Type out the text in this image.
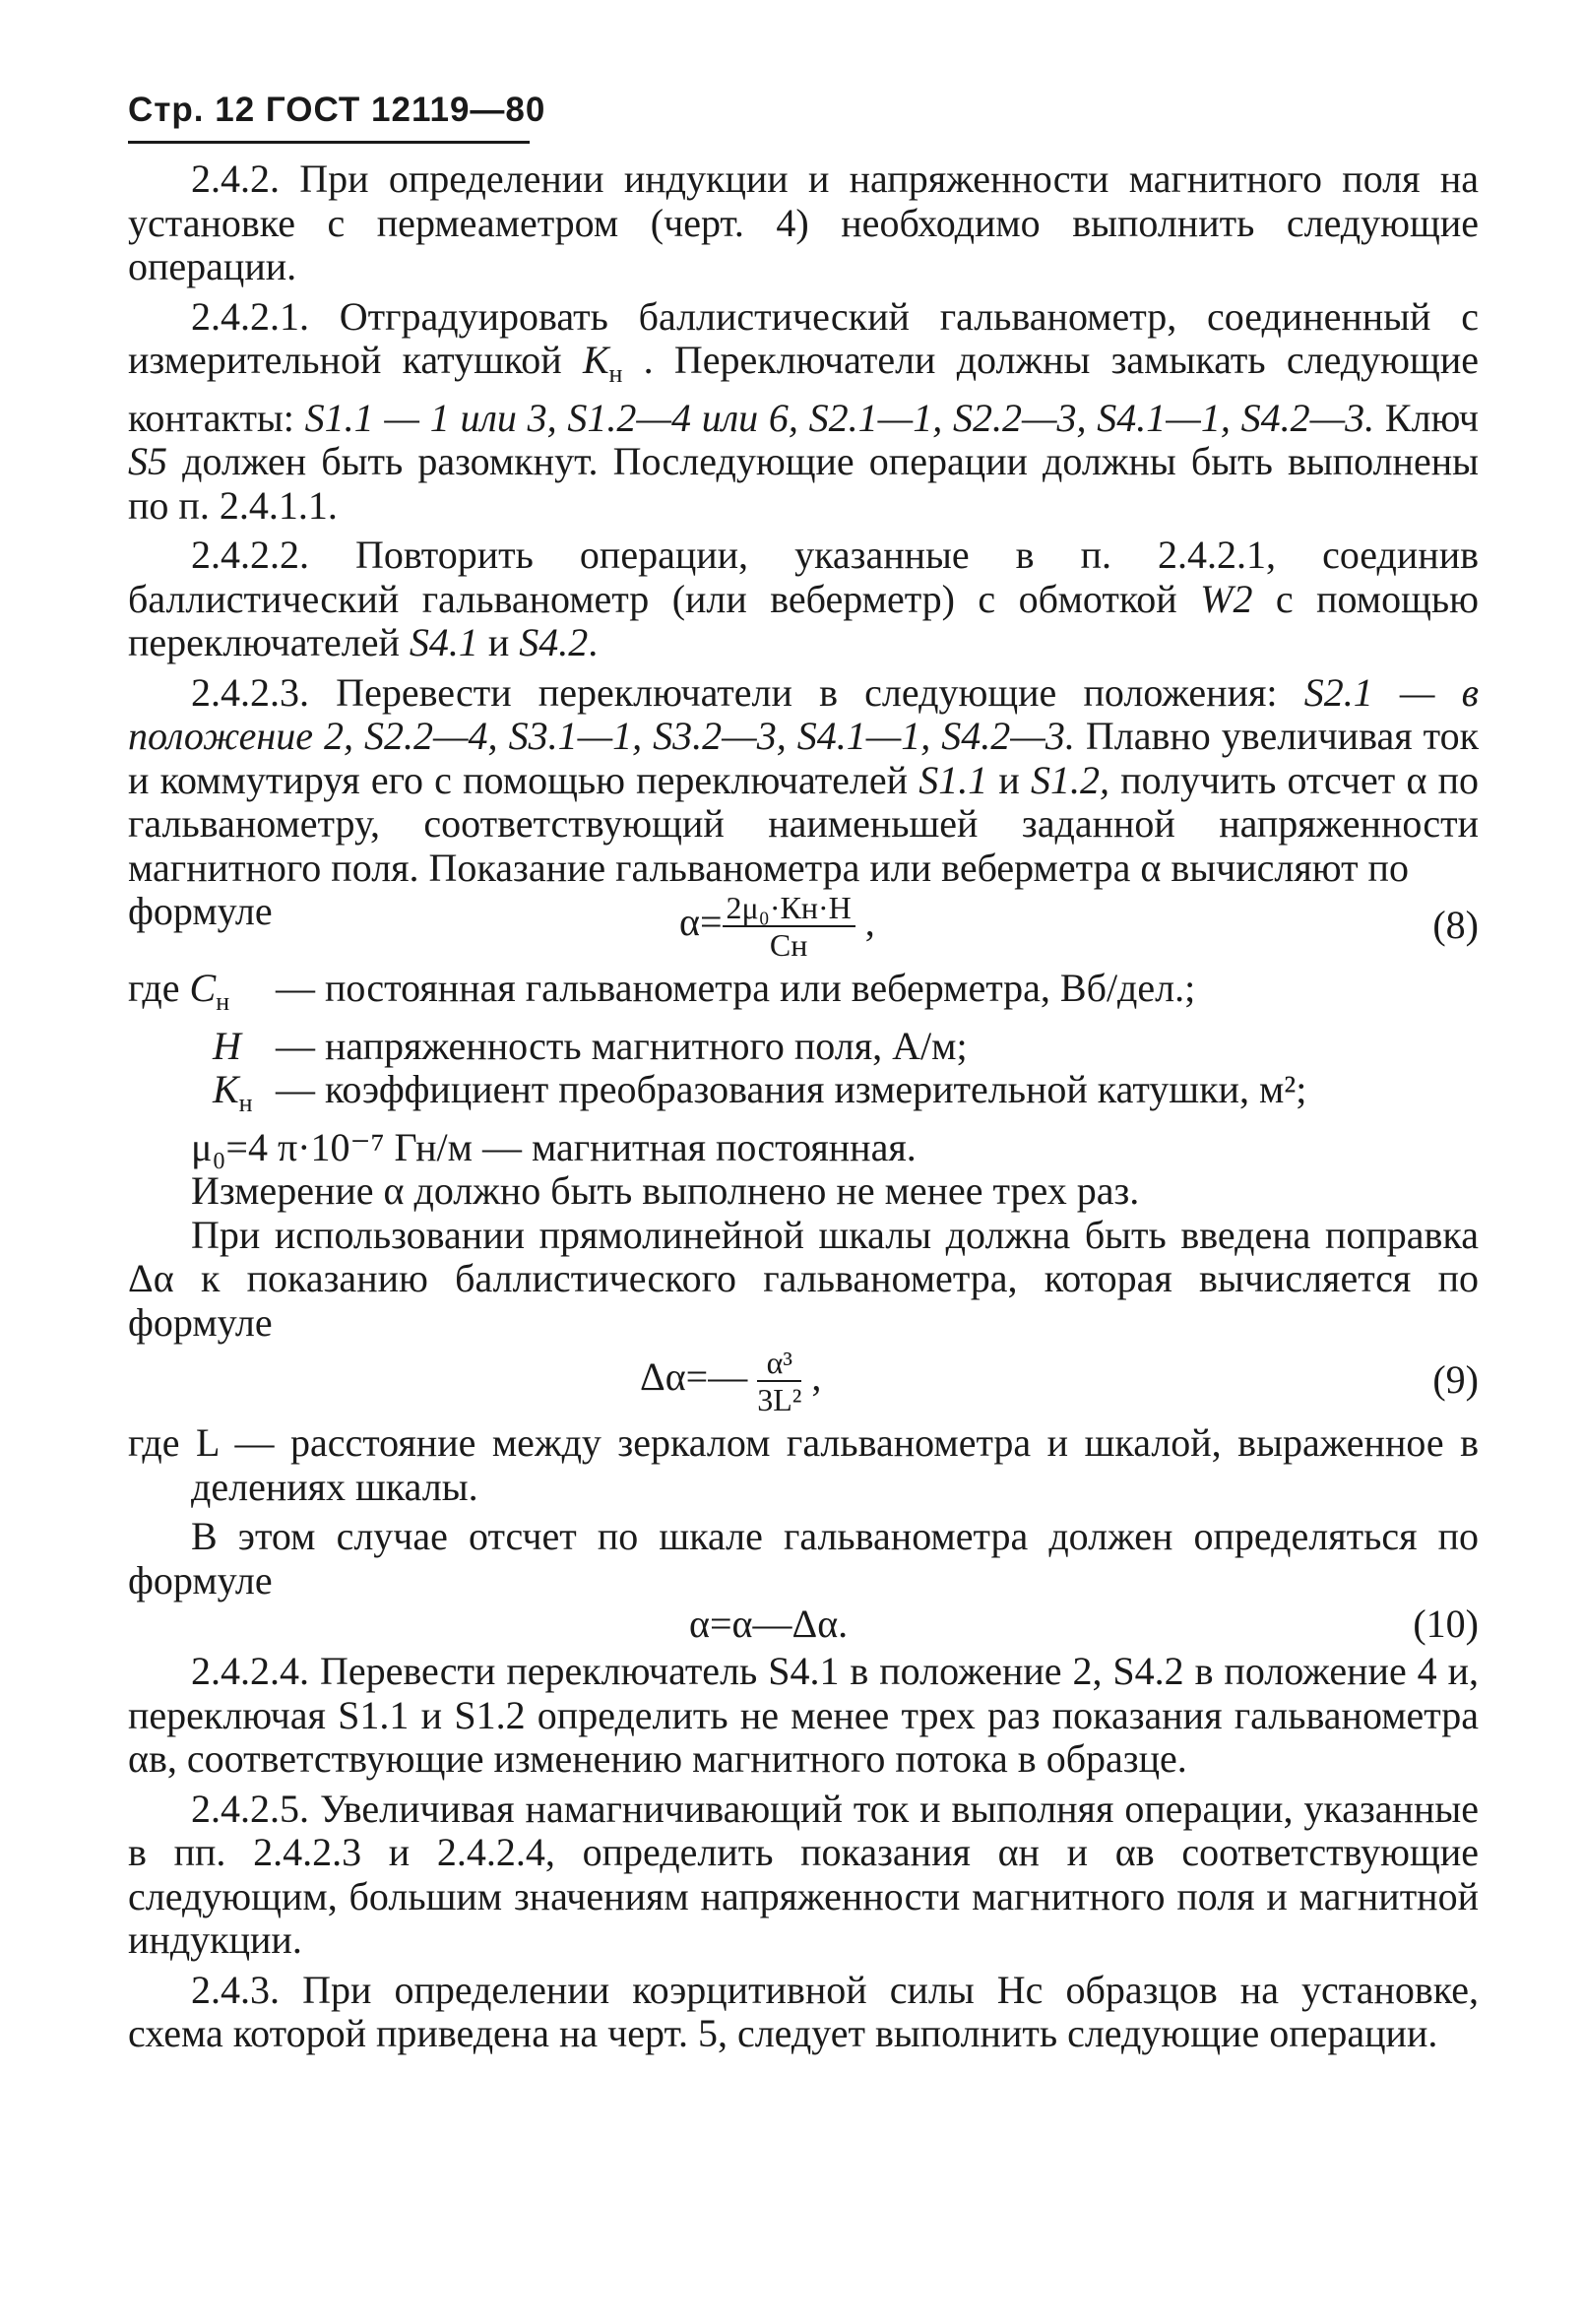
Стр. 12 ГОСТ 12119—80

2.4.2. При определении индукции и напряженности магнитного поля на установке с пермеаметром (черт. 4) необходимо выполнить следующие операции.

2.4.2.1. Отградуировать баллистический гальванометр, соединенный с измерительной катушкой $К_н$ . Переключатели должны замыкать следующие контакты: S1.1 — 1 или 3, S1.2—4 или 6, S2.1—1, S2.2—3, S4.1—1, S4.2—3. Ключ S5 должен быть разомкнут. Последующие операции должны быть выполнены по п. 2.4.1.1.

2.4.2.2. Повторить операции, указанные в п. 2.4.2.1, соединив баллистический гальванометр (или веберметр) с обмоткой W2 с помощью переключателей S4.1 и S4.2.

2.4.2.3. Перевести переключатели в следующие положения: S2.1 — в положение 2, S2.2—4, S3.1—1, S3.2—3, S4.1—1, S4.2—3. Плавно увеличивая ток и коммутируя его с помощью переключателей S1.1 и S1.2, получить отсчет α по гальванометру, соответствующий наименьшей заданной напряженности магнитного поля. Показание гальванометра или веберметра α вычисляют по

формуле	$\alpha= \frac{\text{2μ₀·Кн·H}}{Сн}$ ,	(8)
где $С_н$	— постоянная гальванометра или веберметра, Вб/дел.;
H — напряженность магнитного поля, А/м;
$К_н$ — коэффициент преобразования измерительной катушки, м²;

μ₀=4 π·10⁻⁷ Гн/м — магнитная постоянная.

Измерение α должно быть выполнено не менее трех раз.

При использовании прямолинейной шкалы должна быть введена поправка Δα к показанию баллистического гальванометра, которая вычисляется по формуле

Δα=— $\frac{\text{α³}}{\text{3L²}}$ ,	(9)

где L — расстояние между зеркалом гальванометра и шкалой, выраженное в делениях шкалы.

В этом случае отсчет по шкале гальванометра должен определяться по формуле

α=α—Δα.	(10)

2.4.2.4. Перевести переключатель S4.1 в положение 2, S4.2 в положение 4 и, переключая S1.1 и S1.2 определить не менее трех раз показания гальванометра αв, соответствующие изменению магнитного потока в образце.

2.4.2.5. Увеличивая намагничивающий ток и выполняя операции, указанные в пп. 2.4.2.3 и 2.4.2.4, определить показания αн и αв соответствующие следующим, большим значениям напряженности магнитного поля и магнитной индукции.

2.4.3. При определении коэрцитивной силы Hс образцов на установке, схема которой приведена на черт. 5, следует выполнить следующие операции.
